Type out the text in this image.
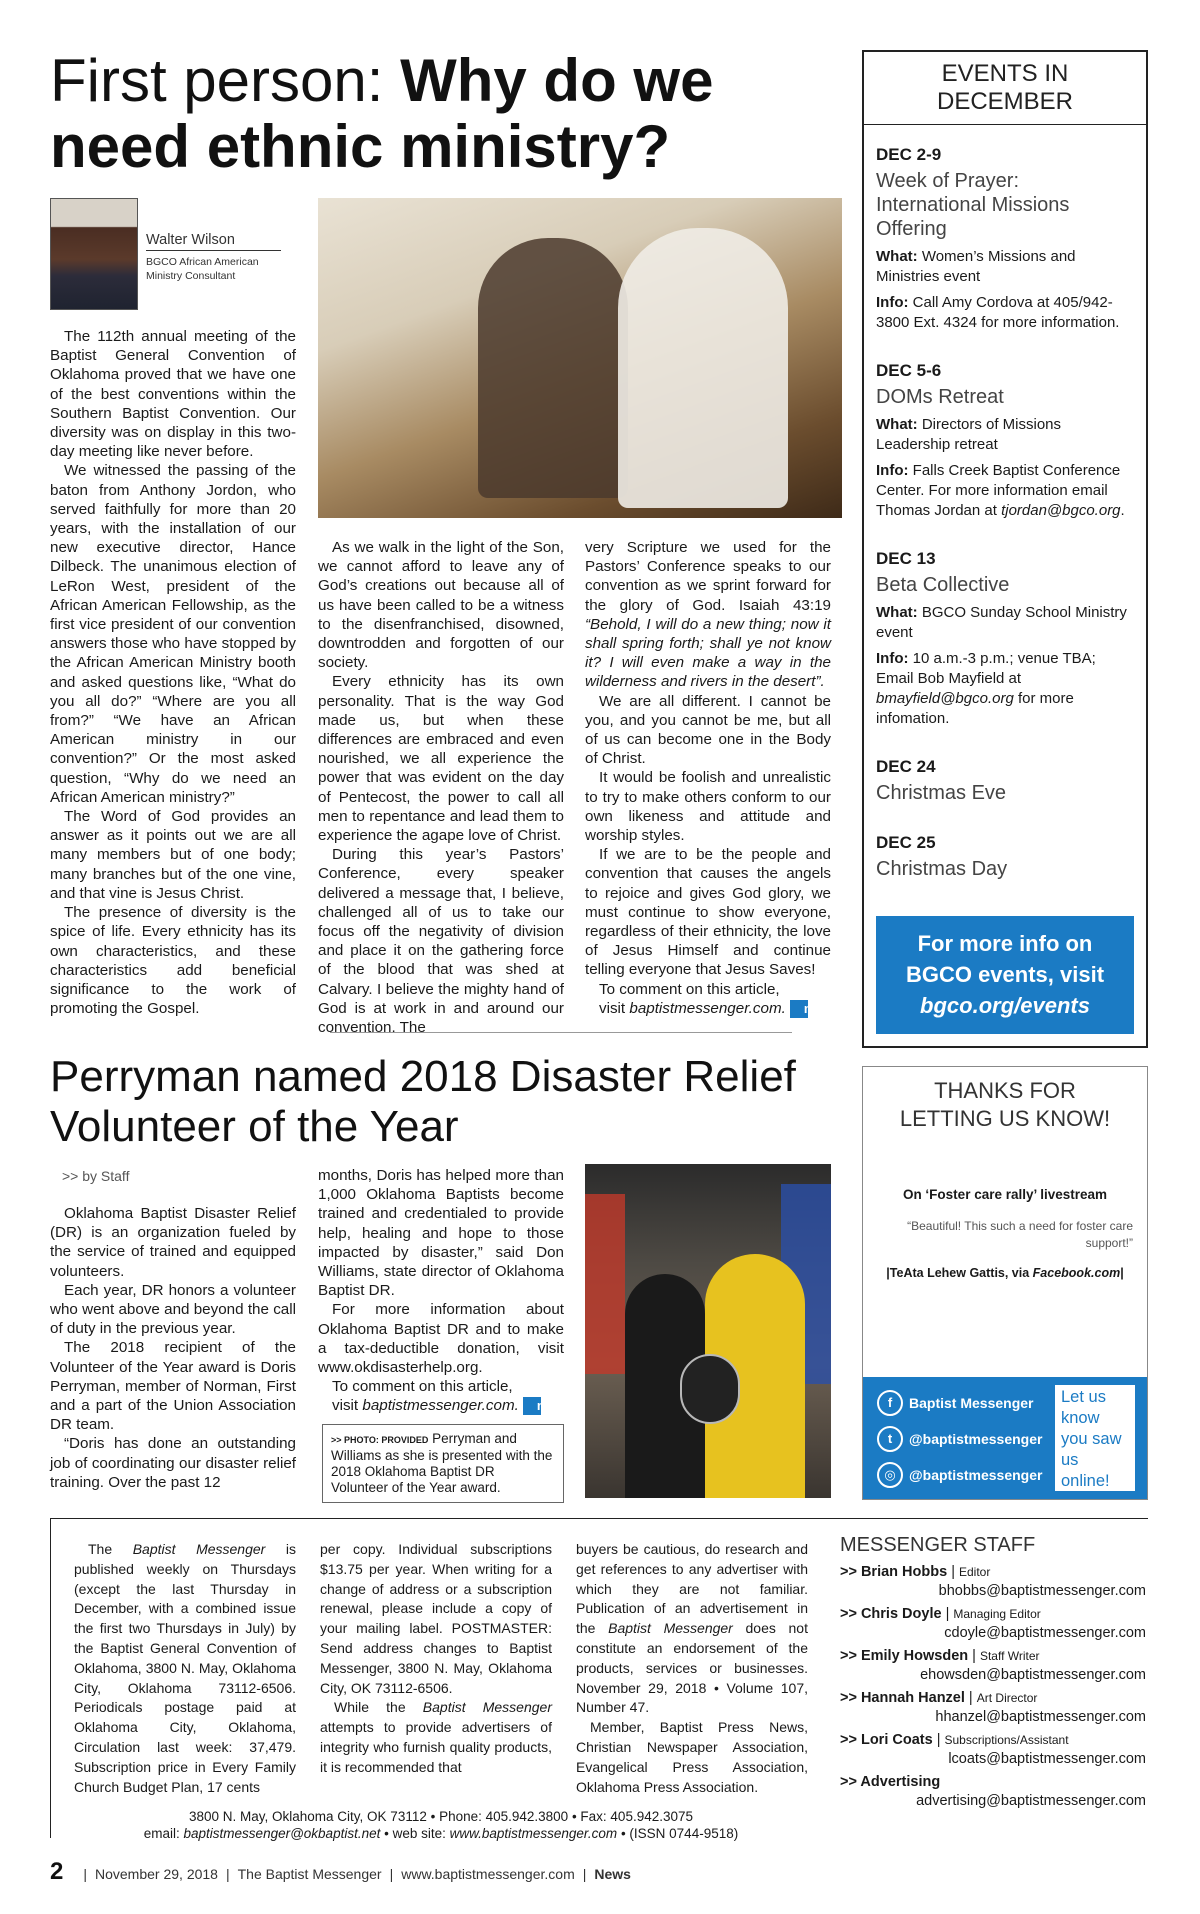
First person: Why do we
need ethnic ministry?
Walter Wilson
BGCO African American Ministry Consultant

The 112th annual meeting of the Baptist General Convention of Oklahoma proved that we have one of the best conventions within the Southern Baptist Convention. Our diversity was on display in this two-day meeting like never before.

We witnessed the passing of the baton from Anthony Jordon, who served faithfully for more than 20 years, with the installation of our new executive director, Hance Dilbeck. The unanimous election of LeRon West, president of the African American Fellowship, as the first vice president of our convention answers those who have stopped by the African American Ministry booth and asked questions like, “What do you all do?” “Where are you all from?” “We have an African American ministry in our convention?” Or the most asked question, “Why do we need an African American ministry?”

The Word of God provides an answer as it points out we are all many members but of one body; many branches but of the one vine, and that vine is Jesus Christ.

The presence of diversity is the spice of life. Every ethnicity has its own characteristics, and these characteristics add beneficial significance to the work of promoting the Gospel.

As we walk in the light of the Son, we cannot afford to leave any of God’s creations out because all of us have been called to be a witness to the disenfranchised, disowned, downtrodden and forgotten of our society.

Every ethnicity has its own personality. That is the way God made us, but when these differences are embraced and even nourished, we all experience the power that was evident on the day of Pentecost, the power to call all men to repentance and lead them to experience the agape love of Christ.

During this year’s Pastors’ Conference, every speaker delivered a message that, I believe, challenged all of us to take our focus off the negativity of division and place it on the gathering force of the blood that was shed at Calvary. I believe the mighty hand of God is at work in and around our convention. The

very Scripture we used for the Pastors’ Conference speaks to our convention as we sprint forward for the glory of God. Isaiah 43:19 “Behold, I will do a new thing; now it shall spring forth; shall ye not know it? I will even make a way in the wilderness and rivers in the desert”.

We are all different. I cannot be you, and you cannot be me, but all of us can become one in the Body of Christ.

It would be foolish and unrealistic to try to make others conform to our own likeness and attitude and worship styles.

If we are to be the people and convention that causes the angels to rejoice and gives God glory, we must continue to show everyone, regardless of their ethnicity, the love of Jesus Himself and continue telling everyone that Jesus Saves!

To comment on this article,

visit baptistmessenger.com. m

EVENTS IN DECEMBER
DEC 2-9
Week of Prayer: International Missions Offering
What: Women’s Missions and Ministries event
Info: Call Amy Cordova at 405/942-3800 Ext. 4324 for more information.
DEC 5-6
DOMs Retreat
What: Directors of Missions Leadership retreat
Info: Falls Creek Baptist Conference Center. For more information email Thomas Jordan at tjordan@bgco.org.
DEC 13
Beta Collective
What: BGCO Sunday School Ministry event
Info: 10 a.m.-3 p.m.; venue TBA; Email Bob Mayfield at bmayfield@bgco.org for more infomation.
DEC 24
Christmas Eve
DEC 25
Christmas Day
For more info on
BGCO events, visit
bgco.org/events
Perryman named 2018 Disaster Relief
Volunteer of the Year
>> by Staff

Oklahoma Baptist Disaster Relief (DR) is an organization fueled by the service of trained and equipped volunteers.

Each year, DR honors a volunteer who went above and beyond the call of duty in the previous year.

The 2018 recipient of the Volunteer of the Year award is Doris Perryman, member of Norman, First and a part of the Union Association DR team.

“Doris has done an outstanding job of coordinating our disaster relief training. Over the past 12

months, Doris has helped more than 1,000 Oklahoma Baptists become trained and credentialed to provide help, healing and hope to those impacted by disaster,” said Don Williams, state director of Oklahoma Baptist DR.

For more information about Oklahoma Baptist DR and to make a tax-deductible donation, visit www.okdisasterhelp.org.

To comment on this article,

visit baptistmessenger.com. m

>> PHOTO: PROVIDED Perryman and Williams as she is presented with the 2018 Oklahoma Baptist DR Volunteer of the Year award.
THANKS FOR LETTING US KNOW!
On ‘Foster care rally’ livestream
“Beautiful! This such a need for foster care support!”
|TeAta Lehew Gattis, via Facebook.com|
f	Baptist Messenger
t	@baptistmessenger
◎ @baptistmessenger
Let us know you saw us online!

The Baptist Messenger is published weekly on Thursdays (except the last Thursday in December, with a combined issue the first two Thursdays in July) by the Baptist General Convention of Oklahoma, 3800 N. May, Oklahoma City, Oklahoma 73112-6506. Periodicals postage paid at Oklahoma City, Oklahoma, Circulation last week: 37,479. Subscription price in Every Family Church Budget Plan, 17 cents

per copy. Individual subscriptions $13.75 per year. When writing for a change of address or a subscription renewal, please include a copy of your mailing label. POSTMASTER: Send address changes to Baptist Messenger, 3800 N. May, Oklahoma City, OK 73112-6506.

While the Baptist Messenger attempts to provide advertisers of integrity who furnish quality products, it is recommended that

buyers be cautious, do research and get references to any advertiser with which they are not familiar. Publication of an advertisement in the Baptist Messenger does not constitute an endorsement of the products, services or businesses. November 29, 2018 • Volume 107, Number 47.

Member, Baptist Press News, Christian Newspaper Association, Evangelical Press Association, Oklahoma Press Association.

3800 N. May, Oklahoma City, OK 73112 • Phone: 405.942.3800 • Fax: 405.942.3075
email: baptistmessenger@okbaptist.net • web site: www.baptistmessenger.com • (ISSN 0744-9518)
MESSENGER STAFF
>> Brian Hobbs | Editor
bhobbs@baptistmessenger.com
>> Chris Doyle | Managing Editor
cdoyle@baptistmessenger.com
>> Emily Howsden | Staff Writer
ehowsden@baptistmessenger.com
>> Hannah Hanzel | Art Director
hhanzel@baptistmessenger.com
>> Lori Coats | Subscriptions/Assistant
lcoats@baptistmessenger.com
>> Advertising
advertising@baptistmessenger.com
2 | November 29, 2018 | The Baptist Messenger | www.baptistmessenger.com | News
